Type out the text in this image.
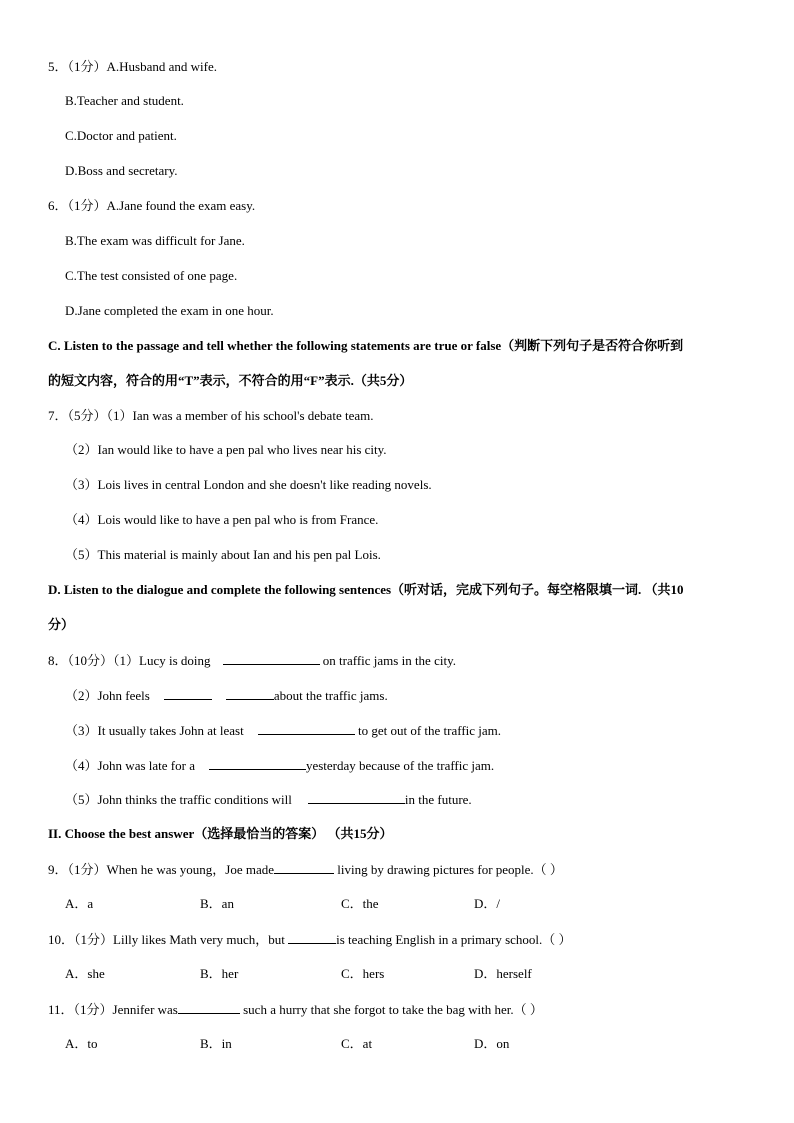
5．（1分）A.Husband and wife.
B.Teacher and student.
C.Doctor and patient.
D.Boss and secretary.
6．（1分）A.Jane found the exam easy.
B.The exam was difficult for Jane.
C.The test consisted of one page.
D.Jane completed the exam in one hour.
C. Listen to the passage and tell whether the following statements are true or false（判断下列句子是否符合你听到
的短文内容，符合的用“T”表示，不符合的用“F”表示.（共5分）
7．（5分）（1）Ian was a member of his school's debate team.
（2）Ian would like to have a pen pal who lives near his city.
（3）Lois lives in central London and she doesn't like reading novels.
（4）Lois would like to have a pen pal who is from France.
（5）This material is mainly about Ian and his pen pal Lois.
D. Listen to the dialogue and complete the following sentences（听对话，完成下列句子。每空格限填一词. （共10
分）
8．（10分）（1）Lucy is doing	on traffic jams in the city.
（2）John feels	about the traffic jams.
（3）It usually takes John at least	to get out of the traffic jam.
（4）John was late for a	yesterday because of the traffic jam.
（5）John thinks the traffic conditions will	in the future.
II. Choose the best answer（选择最恰当的答案） （共15分）
9．（1分）When he was young，Joe made	living by drawing pictures for people.（ ）
A．a	B．an	C．the	D．/
10．（1分）Lilly likes Math very much，but	is teaching English in a primary school.（ ）
A．she	B．her	C．hers	D．herself
11．（1分）Jennifer was	such a hurry that she forgot to take the bag with her.（ ）
A．to	B．in	C．at	D．on
